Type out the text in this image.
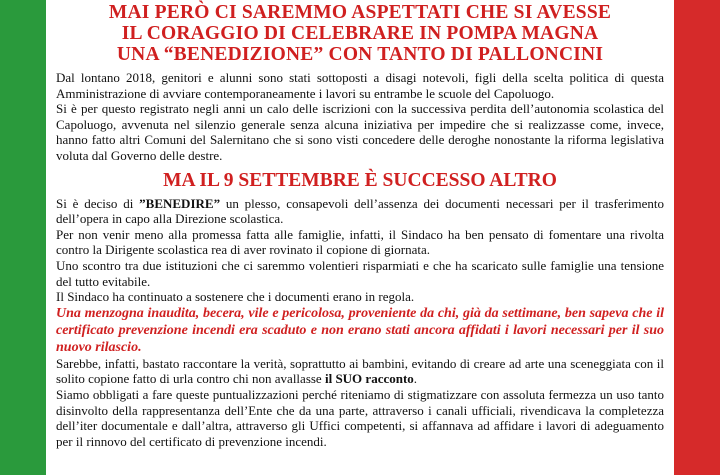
MAI PERÒ CI SAREMMO ASPETTATI CHE SI AVESSE
IL CORAGGIO DI CELEBRARE IN POMPA MAGNA
UNA “BENEDIZIONE” CON TANTO DI PALLONCINI

Dal lontano 2018, genitori e alunni sono stati sottoposti a disagi notevoli, figli della scelta politica di questa Amministrazione di avviare contemporaneamente i lavori su entrambe le scuole del Capoluogo.

Si è per questo registrato negli anni un calo delle iscrizioni con la successiva perdita dell’autonomia scolastica del Capoluogo, avvenuta nel silenzio generale senza alcuna iniziativa per impedire che si realizzasse come, invece, hanno fatto altri Comuni del Salernitano che si sono visti concedere delle deroghe nonostante la riforma legislativa voluta dal Governo delle destre.

MA IL 9 SETTEMBRE È SUCCESSO ALTRO

Si è deciso di ”BENEDIRE” un plesso, consapevoli dell’assenza dei documenti necessari per il trasferimento dell’opera in capo alla Direzione scolastica.

Per non venir meno alla promessa fatta alle famiglie, infatti, il Sindaco ha ben pensato di fomentare una rivolta contro la Dirigente scolastica rea di aver rovinato il copione di giornata.

Uno scontro tra due istituzioni che ci saremmo volentieri risparmiati e che ha scaricato sulle famiglie una tensione del tutto evitabile.

Il Sindaco ha continuato a sostenere che i documenti erano in regola.

Una menzogna inaudita, becera, vile e pericolosa, proveniente da chi, già da settimane, ben sapeva che il certificato prevenzione incendi era scaduto e non erano stati ancora affidati i lavori necessari per il suo nuovo rilascio.

Sarebbe, infatti, bastato raccontare la verità, soprattutto ai bambini, evitando di creare ad arte una sceneggiata con il solito copione fatto di urla contro chi non avallasse il SUO racconto.

Siamo obbligati a fare queste puntualizzazioni perché riteniamo di stigmatizzare con assoluta fermezza un uso tanto disinvolto della rappresentanza dell’Ente che da una parte, attraverso i canali ufficiali, rivendicava la completezza dell’iter documentale e dall’altra, attraverso gli Uffici competenti, si affannava ad affidare i lavori di adeguamento per il rinnovo del certificato di prevenzione incendi.
